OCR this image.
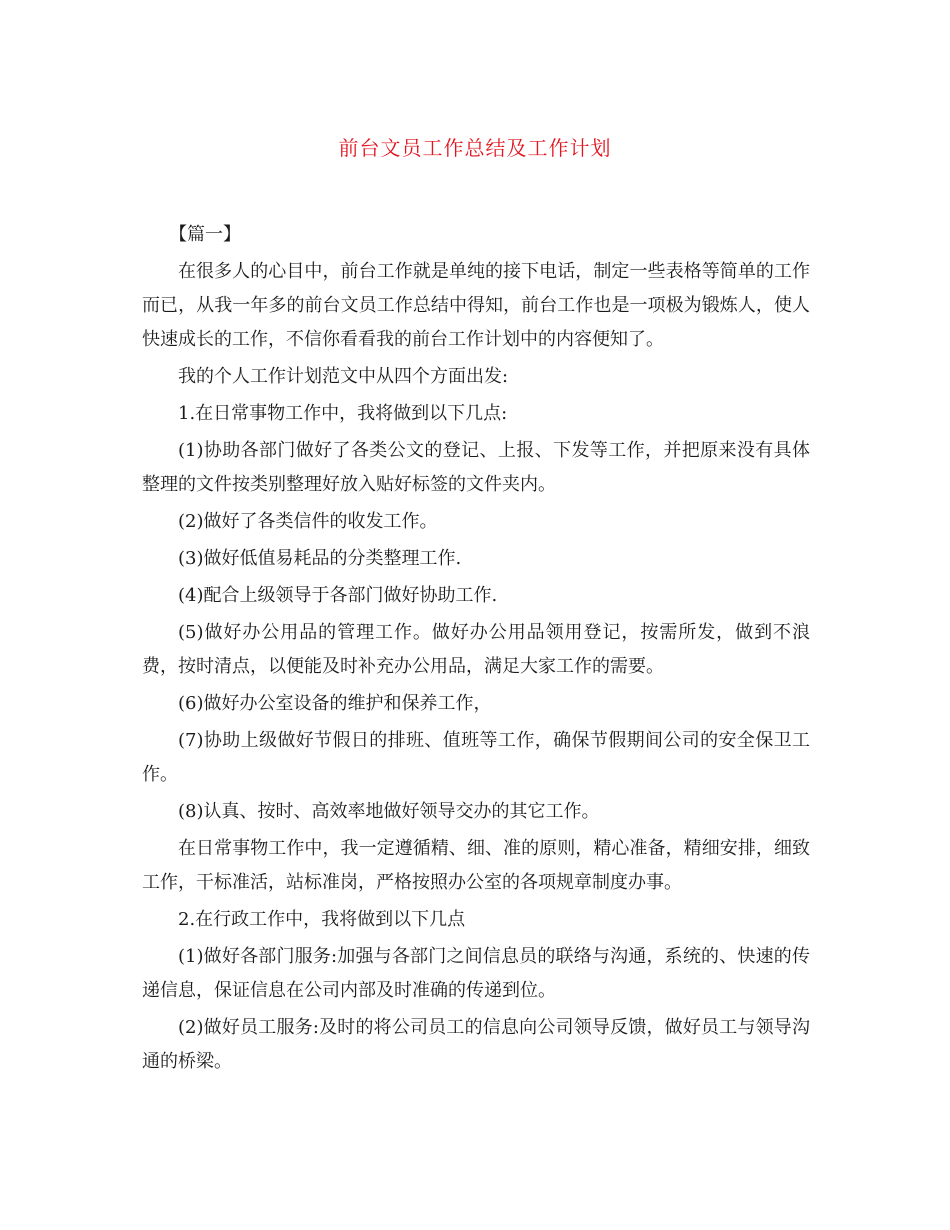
前台文员工作总结及工作计划

【篇一】

在很多人的心目中，前台工作就是单纯的接下电话，制定一些表格等简单的工作而已，从我一年多的前台文员工作总结中得知，前台工作也是一项极为锻炼人，使人快速成长的工作，不信你看看我的前台工作计划中的内容便知了。

我的个人工作计划范文中从四个方面出发:

1.在日常事物工作中，我将做到以下几点:

(1)协助各部门做好了各类公文的登记、上报、下发等工作，并把原来没有具体整理的文件按类别整理好放入贴好标签的文件夹内。

(2)做好了各类信件的收发工作。

(3)做好低值易耗品的分类整理工作.

(4)配合上级领导于各部门做好协助工作.

(5)做好办公用品的管理工作。做好办公用品领用登记，按需所发，做到不浪费，按时清点，以便能及时补充办公用品，满足大家工作的需要。

(6)做好办公室设备的维护和保养工作，

(7)协助上级做好节假日的排班、值班等工作，确保节假期间公司的安全保卫工作。

(8)认真、按时、高效率地做好领导交办的其它工作。

在日常事物工作中，我一定遵循精、细、准的原则，精心准备，精细安排，细致工作，干标准活，站标准岗，严格按照办公室的各项规章制度办事。

2.在行政工作中，我将做到以下几点

(1)做好各部门服务:加强与各部门之间信息员的联络与沟通，系统的、快速的传递信息，保证信息在公司内部及时准确的传递到位。

(2)做好员工服务:及时的将公司员工的信息向公司领导反馈，做好员工与领导沟通的桥梁。
